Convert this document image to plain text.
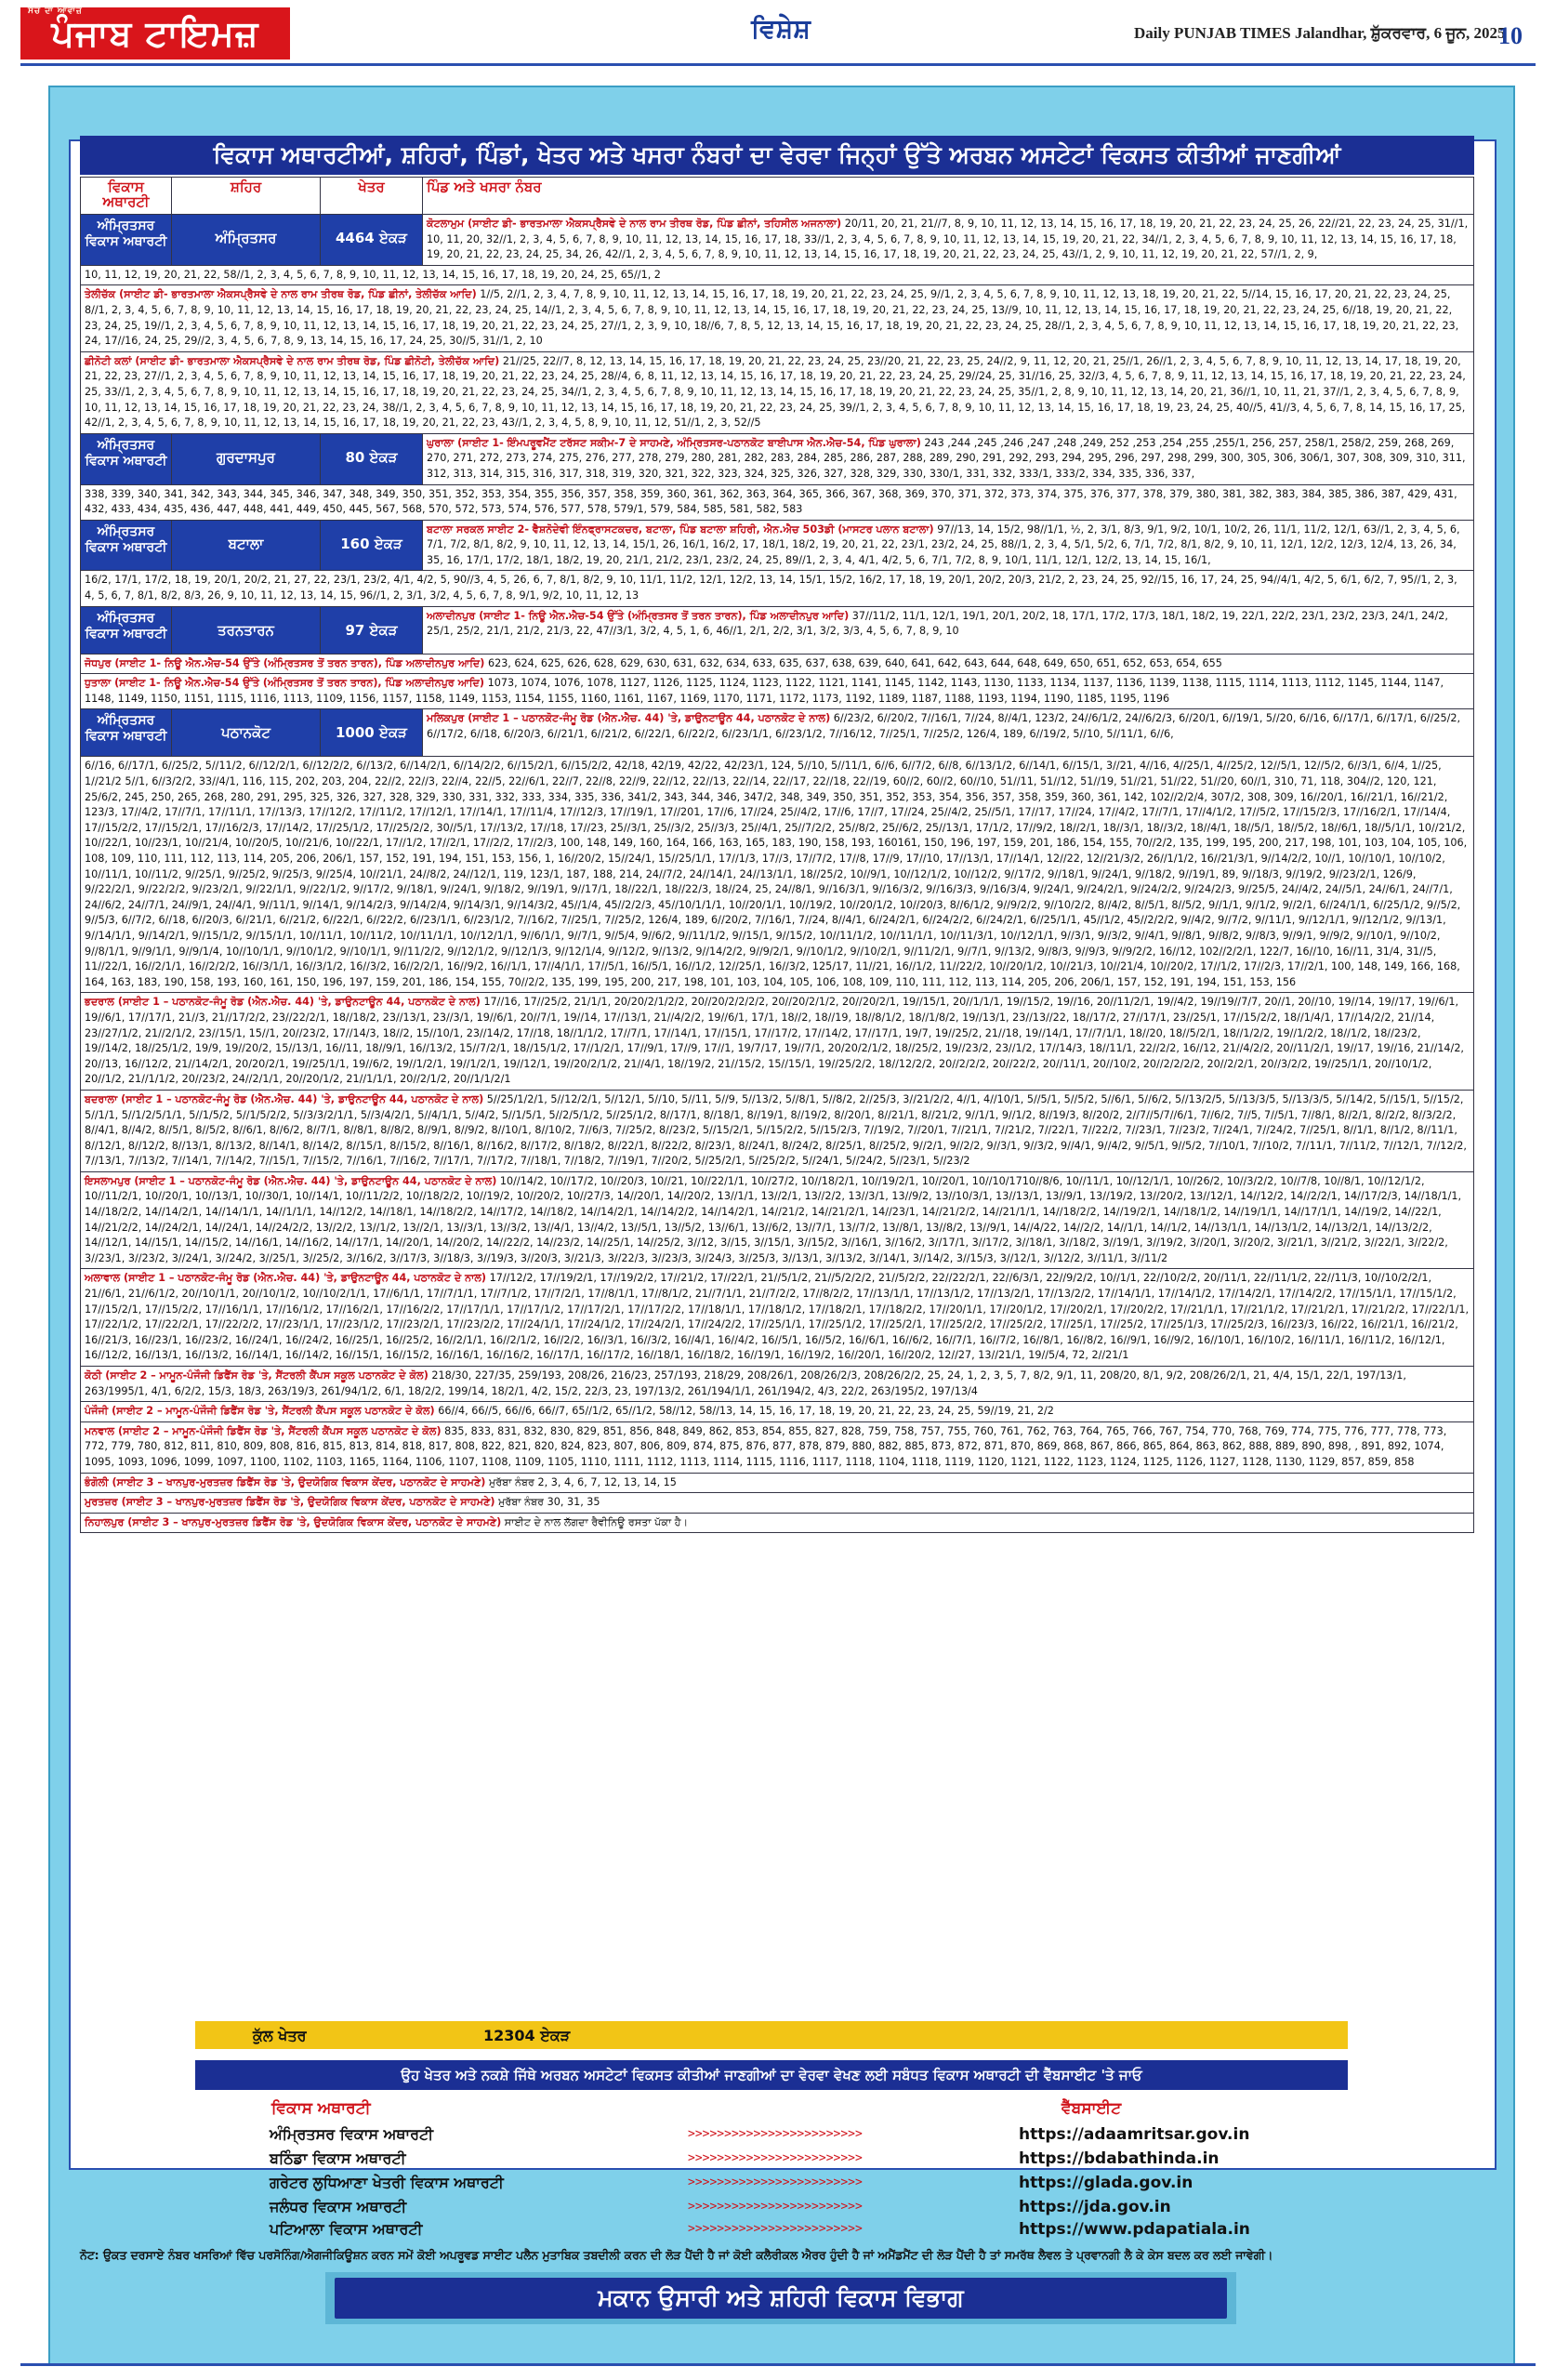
ਸੱਚ ਦਾ ਆਵਾਜ਼
ਪੰਜਾਬ ਟਾਇਮਜ਼	ਵਿਸ਼ੇਸ਼	Daily PUNJAB TIMES Jalandhar, ਸ਼ੁੱਕਰਵਾਰ, 6 ਜੂਨ, 2025
10
ਵਿਕਾਸ ਅਥਾਰਟੀਆਂ, ਸ਼ਹਿਰਾਂ, ਪਿੰਡਾਂ, ਖੇਤਰ ਅਤੇ ਖਸਰਾ ਨੰਬਰਾਂ ਦਾ ਵੇਰਵਾ ਜਿਨ੍ਹਾਂ ਉੱਤੇ ਅਰਬਨ ਅਸਟੇਟਾਂ ਵਿਕਸਤ ਕੀਤੀਆਂ ਜਾਣਗੀਆਂ
ਵਿਕਾਸ ਅਥਾਰਟੀ	ਸ਼ਹਿਰ	ਖੇਤਰ	ਪਿੰਡ ਅਤੇ ਖਸਰਾ ਨੰਬਰ
ਅੰਮ੍ਰਿਤਸਰ ਵਿਕਾਸ ਅਥਾਰਟੀ	ਅੰਮ੍ਰਿਤਸਰ	4464 ਏਕੜ	ਕੋਟਲਾਮੁਮ (ਸਾਈਟ ਡੀ- ਭਾਰਤਮਾਲਾ ਐਕਸਪ੍ਰੈਸਵੇ ਦੇ ਨਾਲ ਰਾਮ ਤੀਰਥ ਰੋਡ, ਪਿੰਡ ਛੀਨਾਂ, ਤਹਿਸੀਲ ਅਜਨਾਲਾ) 20/11, 20, 21, 21//7, 8, 9, 10, 11, 12, 13, 14, 15, 16, 17, 18, 19, 20, 21, 22, 23, 24, 25, 26, 22//21, 22, 23, 24, 25, 31//1, 10, 11, 20, 32//1, 2, 3, 4, 5, 6, 7, 8, 9, 10, 11, 12, 13, 14, 15, 16, 17, 18, 33//1, 2, 3, 4, 5, 6, 7, 8, 9, 10, 11, 12, 13, 14, 15, 19, 20, 21, 22, 34//1, 2, 3, 4, 5, 6, 7, 8, 9, 10, 11, 12, 13, 14, 15, 16, 17, 18, 19, 20, 21, 22, 23, 24, 25, 34, 26, 42//1, 2, 3, 4, 5, 6, 7, 8, 9, 10, 11, 12, 13, 14, 15, 16, 17, 18, 19, 20, 21, 22, 23, 24, 25, 43//1, 2, 9, 10, 11, 12, 19, 20, 21, 22, 57//1, 2, 9,
10, 11, 12, 19, 20, 21, 22, 58//1, 2, 3, 4, 5, 6, 7, 8, 9, 10, 11, 12, 13, 14, 15, 16, 17, 18, 19, 20, 24, 25, 65//1, 2			
ਤੇਲੀਚੱਕ (ਸਾਈਟ ਡੀ- ਭਾਰਤਮਾਲਾ ਐਕਸਪ੍ਰੈਸਵੇ ਦੇ ਨਾਲ ਰਾਮ ਤੀਰਥ ਰੋਡ, ਪਿੰਡ ਛੀਨਾਂ, ਤੇਲੀਚੱਕ ਆਦਿ) 1//5, 2//1, 2, 3, 4, 7, 8, 9, 10, 11, 12, 13, 14, 15, 16, 17, 18, 19, 20, 21, 22, 23, 24, 25, 9//1, 2, 3, 4, 5, 6, 7, 8, 9, 10, 11, 12, 13, 18, 19, 20, 21, 22, 5//14, 15, 16, 17, 20, 21, 22, 23, 24, 25, 8//1, 2, 3, 4, 5, 6, 7, 8, 9, 10, 11, 12, 13, 14, 15, 16, 17, 18, 19, 20, 21, 22, 23, 24, 25, 14//1, 2, 3, 4, 5, 6, 7, 8, 9, 10, 11, 12, 13, 14, 15, 16, 17, 18, 19, 20, 21, 22, 23, 24, 25, 13//9, 10, 11, 12, 13, 14, 15, 16, 17, 18, 19, 20, 21, 22, 23, 24, 25, 6//18, 19, 20, 21, 22, 23, 24, 25, 19//1, 2, 3, 4, 5, 6, 7, 8, 9, 10, 11, 12, 13, 14, 15, 16, 17, 18, 19, 20, 21, 22, 23, 24, 25, 27//1, 2, 3, 9, 10, 18//6, 7, 8, 5, 12, 13, 14, 15, 16, 17, 18, 19, 20, 21, 22, 23, 24, 25, 28//1, 2, 3, 4, 5, 6, 7, 8, 9, 10, 11, 12, 13, 14, 15, 16, 17, 18, 19, 20, 21, 22, 23, 24, 17//16, 24, 25, 29//2, 3, 4, 5, 6, 7, 8, 9, 13, 14, 15, 16, 17, 24, 25, 30//5, 31//1, 2, 10			
ਛੀਨੋਟੀ ਕਲਾਂ (ਸਾਈਟ ਡੀ- ਭਾਰਤਮਾਲਾ ਐਕਸਪ੍ਰੈਸਵੇ ਦੇ ਨਾਲ ਰਾਮ ਤੀਰਥ ਰੋਡ, ਪਿੰਡ ਛੀਨੋਟੀ, ਤੇਲੀਚੱਕ ਆਦਿ) 21//25, 22//7, 8, 12, 13, 14, 15, 16, 17, 18, 19, 20, 21, 22, 23, 24, 25, 23//20, 21, 22, 23, 25, 24//2, 9, 11, 12, 20, 21, 25//1, 26//1, 2, 3, 4, 5, 6, 7, 8, 9, 10, 11, 12, 13, 14, 17, 18, 19, 20, 21, 22, 23, 27//1, 2, 3, 4, 5, 6, 7, 8, 9, 10, 11, 12, 13, 14, 15, 16, 17, 18, 19, 20, 21, 22, 23, 24, 25, 28//4, 6, 8, 11, 12, 13, 14, 15, 16, 17, 18, 19, 20, 21, 22, 23, 24, 25, 29//24, 25, 31//16, 25, 32//3, 4, 5, 6, 7, 8, 9, 11, 12, 13, 14, 15, 16, 17, 18, 19, 20, 21, 22, 23, 24, 25, 33//1, 2, 3, 4, 5, 6, 7, 8, 9, 10, 11, 12, 13, 14, 15, 16, 17, 18, 19, 20, 21, 22, 23, 24, 25, 34//1, 2, 3, 4, 5, 6, 7, 8, 9, 10, 11, 12, 13, 14, 15, 16, 17, 18, 19, 20, 21, 22, 23, 24, 25, 35//1, 2, 8, 9, 10, 11, 12, 13, 14, 20, 21, 36//1, 10, 11, 21, 37//1, 2, 3, 4, 5, 6, 7, 8, 9, 10, 11, 12, 13, 14, 15, 16, 17, 18, 19, 20, 21, 22, 23, 24, 38//1, 2, 3, 4, 5, 6, 7, 8, 9, 10, 11, 12, 13, 14, 15, 16, 17, 18, 19, 20, 21, 22, 23, 24, 25, 39//1, 2, 3, 4, 5, 6, 7, 8, 9, 10, 11, 12, 13, 14, 15, 16, 17, 18, 19, 23, 24, 25, 40//5, 41//3, 4, 5, 6, 7, 8, 14, 15, 16, 17, 25, 42//1, 2, 3, 4, 5, 6, 7, 8, 9, 10, 11, 12, 13, 14, 15, 16, 17, 18, 19, 20, 21, 22, 23, 43//1, 2, 3, 4, 5, 8, 9, 10, 11, 12, 51//1, 2, 3, 52//5			
ਅੰਮ੍ਰਿਤਸਰ ਵਿਕਾਸ ਅਥਾਰਟੀ	ਗੁਰਦਾਸਪੁਰ	80 ਏਕੜ	ਘੁਰਾਲਾ (ਸਾਈਟ 1- ਇੰਮਪਰੂਵਮੈਂਟ ਟਰੱਸਟ ਸਕੀਮ-7 ਦੇ ਸਾਹਮਣੇ, ਅੰਮ੍ਰਿਤਸਰ-ਪਠਾਨਕੋਟ ਬਾਈਪਾਸ ਐਨ.ਐਚ-54, ਪਿੰਡ ਘੁਰਾਲਾ) 243 ,244 ,245 ,246 ,247 ,248 ,249, 252 ,253 ,254 ,255 ,255/1, 256, 257, 258/1, 258/2, 259, 268, 269, 270, 271, 272, 273, 274, 275, 276, 277, 278, 279, 280, 281, 282, 283, 284, 285, 286, 287, 288, 289, 290, 291, 292, 293, 294, 295, 296, 297, 298, 299, 300, 305, 306, 306/1, 307, 308, 309, 310, 311, 312, 313, 314, 315, 316, 317, 318, 319, 320, 321, 322, 323, 324, 325, 326, 327, 328, 329, 330, 330/1, 331, 332, 333/1, 333/2, 334, 335, 336, 337,
338, 339, 340, 341, 342, 343, 344, 345, 346, 347, 348, 349, 350, 351, 352, 353, 354, 355, 356, 357, 358, 359, 360, 361, 362, 363, 364, 365, 366, 367, 368, 369, 370, 371, 372, 373, 374, 375, 376, 377, 378, 379, 380, 381, 382, 383, 384, 385, 386, 387, 429, 431, 432, 433, 434, 435, 436, 447, 448, 441, 449, 450, 445, 567, 568, 570, 572, 573, 574, 576, 577, 578, 579/1, 579, 584, 585, 581, 582, 583			
ਅੰਮ੍ਰਿਤਸਰ ਵਿਕਾਸ ਅਥਾਰਟੀ	ਬਟਾਲਾ	160 ਏਕੜ	ਬਟਾਲਾ ਸਰਕਲ ਸਾਈਟ 2- ਵੈਸ਼ਨੋਦੇਵੀ ਇੰਨਫ੍ਰਾਸਟਕਚਰ, ਬਟਾਲਾ, ਪਿੰਡ ਬਟਾਲਾ ਸ਼ਹਿਰੀ, ਐਨ.ਐਚ 503ਡੀ (ਮਾਸਟਰ ਪਲਾਨ ਬਟਾਲਾ) 97//13, 14, 15/2, 98//1/1, ½, 2, 3/1, 8/3, 9/1, 9/2, 10/1, 10/2, 26, 11/1, 11/2, 12/1, 63//1, 2, 3, 4, 5, 6, 7/1, 7/2, 8/1, 8/2, 9, 10, 11, 12, 13, 14, 15/1, 26, 16/1, 16/2, 17, 18/1, 18/2, 19, 20, 21, 22, 23/1, 23/2, 24, 25, 88//1, 2, 3, 4, 5/1, 5/2, 6, 7/1, 7/2, 8/1, 8/2, 9, 10, 11, 12/1, 12/2, 12/3, 12/4, 13, 26, 34, 35, 16, 17/1, 17/2, 18/1, 18/2, 19, 20, 21/1, 21/2, 23/1, 23/2, 24, 25, 89//1, 2, 3, 4, 4/1, 4/2, 5, 6, 7/1, 7/2, 8, 9, 10/1, 11/1, 12/1, 12/2, 13, 14, 15, 16/1,
16/2, 17/1, 17/2, 18, 19, 20/1, 20/2, 21, 27, 22, 23/1, 23/2, 4/1, 4/2, 5, 90//3, 4, 5, 26, 6, 7, 8/1, 8/2, 9, 10, 11/1, 11/2, 12/1, 12/2, 13, 14, 15/1, 15/2, 16/2, 17, 18, 19, 20/1, 20/2, 20/3, 21/2, 2, 23, 24, 25, 92//15, 16, 17, 24, 25, 94//4/1, 4/2, 5, 6/1, 6/2, 7, 95//1, 2, 3, 4, 5, 6, 7, 8/1, 8/2, 8/3, 26, 9, 10, 11, 12, 13, 14, 15, 96//1, 2, 3/1, 3/2, 4, 5, 6, 7, 8, 9/1, 9/2, 10, 11, 12, 13			
ਅੰਮ੍ਰਿਤਸਰ ਵਿਕਾਸ ਅਥਾਰਟੀ	ਤਰਨਤਾਰਨ	97 ਏਕੜ	ਅਲਾਦੀਨਪੁਰ (ਸਾਈਟ 1- ਨਿਊ ਐਨ.ਐਚ-54 ਉੱਤੇ (ਅੰਮ੍ਰਿਤਸਰ ਤੋਂ ਤਰਨ ਤਾਰਨ), ਪਿੰਡ ਅਲਾਦੀਨਪੁਰ ਆਦਿ) 37//11/2, 11/1, 12/1, 19/1, 20/1, 20/2, 18, 17/1, 17/2, 17/3, 18/1, 18/2, 19, 22/1, 22/2, 23/1, 23/2, 23/3, 24/1, 24/2, 25/1, 25/2, 21/1, 21/2, 21/3, 22, 47//3/1, 3/2, 4, 5, 1, 6, 46//1, 2/1, 2/2, 3/1, 3/2, 3/3, 4, 5, 6, 7, 8, 9, 10
ਜੋਧਪੁਰ (ਸਾਈਟ 1- ਨਿਊ ਐਨ.ਐਚ-54 ਉੱਤੇ (ਅੰਮ੍ਰਿਤਸਰ ਤੋਂ ਤਰਨ ਤਾਰਨ), ਪਿੰਡ ਅਲਾਦੀਨਪੁਰ ਆਦਿ) 623, 624, 625, 626, 628, 629, 630, 631, 632, 634, 633, 635, 637, 638, 639, 640, 641, 642, 643, 644, 648, 649, 650, 651, 652, 653, 654, 655			
ਧੁਤਾਲਾ (ਸਾਈਟ 1- ਨਿਊ ਐਨ.ਐਚ-54 ਉੱਤੇ (ਅੰਮ੍ਰਿਤਸਰ ਤੋਂ ਤਰਨ ਤਾਰਨ), ਪਿੰਡ ਅਲਾਦੀਨਪੁਰ ਆਦਿ) 1073, 1074, 1076, 1078, 1127, 1126, 1125, 1124, 1123, 1122, 1121, 1141, 1145, 1142, 1143, 1130, 1133, 1134, 1137, 1136, 1139, 1138, 1115, 1114, 1113, 1112, 1145, 1144, 1147, 1148, 1149, 1150, 1151, 1115, 1116, 1113, 1109, 1156, 1157, 1158, 1149, 1153, 1154, 1155, 1160, 1161, 1167, 1169, 1170, 1171, 1172, 1173, 1192, 1189, 1187, 1188, 1193, 1194, 1190, 1185, 1195, 1196			
ਅੰਮ੍ਰਿਤਸਰ ਵਿਕਾਸ ਅਥਾਰਟੀ	ਪਠਾਨਕੋਟ	1000 ਏਕੜ	ਮਲਿਕਪੁਰ (ਸਾਈਟ 1 – ਪਠਾਨਕੋਟ-ਜੰਮੂ ਰੋਡ (ਐਨ.ਐਚ. 44) 'ਤੇ, ਡਾਉਨਟਾਊਨ 44, ਪਠਾਨਕੋਟ ਦੇ ਨਾਲ) 6//23/2, 6//20/2, 7//16/1, 7//24, 8//4/1, 123/2, 24//6/1/2, 24//6/2/3, 6//20/1, 6//19/1, 5//20, 6//16, 6//17/1, 6//17/1, 6//25/2, 6//17/2, 6//18, 6//20/3, 6//21/1, 6//21/2, 6//22/1, 6//22/2, 6//23/1/1, 6//23/1/2, 7//16/12, 7//25/1, 7//25/2, 126/4, 189, 6//19/2, 5//10, 5//11/1, 6//6,
6//16, 6//17/1, 6//25/2, 5//11/2, 6//12/2/1, 6//12/2/2, 6//13/2, 6//14/2/1, 6//14/2/2, 6//15/2/1, 6//15/2/2, 42/18, 42/19, 42/22, 42/23/1, 124, 5//10, 5//11/1, 6//6, 6//7/2, 6//8, 6//13/1/2, 6//14/1, 6//15/1, 3//21, 4//16, 4//25/1, 4//25/2, 12//5/1, 12//5/2, 6//3/1, 6//4, 1//25, 1//21/2 5//1, 6//3/2/2, 33//4/1, 116, 115, 202, 203, 204, 22//2, 22//3, 22//4, 22//5, 22//6/1, 22//7, 22//8, 22//9, 22//12, 22//13, 22//14, 22//17, 22//18, 22//19, 60//2, 60//2, 60//10, 51//11, 51//12, 51//19, 51//21, 51//22, 51//20, 60//1, 310, 71, 118, 304//2, 120, 121, 25/6/2, 245, 250, 265, 268, 280, 291, 295, 325, 326, 327, 328, 329, 330, 331, 332, 333, 334, 335, 336, 341/2, 343, 344, 346, 347/2, 348, 349, 350, 351, 352, 353, 354, 356, 357, 358, 359, 360, 361, 142, 102//2/2/4, 307/2, 308, 309, 16//20/1, 16//21/1, 16//21/2, 123/3, 17//4/2, 17//7/1, 17//11/1, 17//13/3, 17//12/2, 17//11/2, 17//12/1, 17//14/1, 17//11/4, 17//12/3, 17//19/1, 17//201, 17//6, 17//24, 25//4/2, 17//6, 17//7, 17//24, 25//4/2, 25//5/1, 17//17, 17//24, 17//4/2, 17//7/1, 17//4/1/2, 17//5/2, 17//15/2/3, 17//16/2/1, 17//14/4, 17//15/2/2, 17//15/2/1, 17//16/2/3, 17//14/2, 17//25/1/2, 17//25/2/2, 30//5/1, 17//13/2, 17//18, 17//23, 25//3/1, 25//3/2, 25//3/3, 25//4/1, 25//7/2/2, 25//8/2, 25//6/2, 25//13/1, 17/1/2, 17//9/2, 18//2/1, 18//3/1, 18//3/2, 18//4/1, 18//5/1, 18//5/2, 18//6/1, 18//5/1/1, 10//21/2, 10//22/1, 10//23/1, 10//21/4, 10//20/5, 10//21/6, 10//22/1, 17//1/2, 17//2/1, 17//2/2, 17//2/3, 100, 148, 149, 160, 164, 166, 163, 165, 183, 190, 158, 193, 160161, 150, 196, 197, 159, 201, 186, 154, 155, 70//2/2, 135, 199, 195, 200, 217, 198, 101, 103, 104, 105, 106, 108, 109, 110, 111, 112, 113, 114, 205, 206, 206/1, 157, 152, 191, 194, 151, 153, 156, 1, 16//20/2, 15//24/1, 15//25/1/1, 17//1/3, 17//3, 17//7/2, 17//8, 17//9, 17//10, 17//13/1, 17//14/1, 12//22, 12//21/3/2, 26//1/1/2, 16//21/3/1, 9//14/2/2, 10//1, 10//10/1, 10//10/2, 10//11/1, 10//11/2, 9//25/1, 9//25/2, 9//25/3, 9//25/4, 10//21/1, 24//8/2, 24//12/1, 119, 123/1, 187, 188, 214, 24//7/2, 24//14/1, 24//13/1/1, 18//25/2, 10//9/1, 10//12/1/2, 10//12/2, 9//17/2, 9//18/1, 9//24/1, 9//18/2, 9//19/1, 89, 9//18/3, 9//19/2, 9//23/2/1, 126/9, 9//22/2/1, 9//22/2/2, 9//23/2/1, 9//22/1/1, 9//22/1/2, 9//17/2, 9//18/1, 9//24/1, 9//18/2, 9//19/1, 9//17/1, 18//22/1, 18//22/3, 18//24, 25, 24//8/1, 9//16/3/1, 9//16/3/2, 9//16/3/3, 9//16/3/4, 9//24/1, 9//24/2/1, 9//24/2/2, 9//24/2/3, 9//25/5, 24//4/2, 24//5/1, 24//6/1, 24//7/1, 24//6/2, 24//7/1, 24//9/1, 24//4/1, 9//11/1, 9//14/1, 9//14/2/3, 9//14/2/4, 9//14/3/1, 9//14/3/2, 45//1/4, 45//2/2/3, 45//10/1/1/1, 10//20/1/1, 10//19/2, 10//20/1/2, 10//20/3, 8//6/1/2, 9//9/2/2, 9//10/2/2, 8//4/2, 8//5/1, 8//5/2, 9//1/1, 9//1/2, 9//2/1, 6//24/1/1, 6//25/1/2, 9//5/2, 9//5/3, 6//7/2, 6//18, 6//20/3, 6//21/1, 6//21/2, 6//22/1, 6//22/2, 6//23/1/1, 6//23/1/2, 7//16/2, 7//25/1, 7//25/2, 126/4, 189, 6//20/2, 7//16/1, 7//24, 8//4/1, 6//24/2/1, 6//24/2/2, 6//24/2/1, 6//25/1/1, 45//1/2, 45//2/2/2, 9//4/2, 9//7/2, 9//11/1, 9//12/1/1, 9//12/1/2, 9//13/1, 9//14/1/1, 9//14/2/1, 9//15/1/2, 9//15/1/1, 10//11/1, 10//11/2, 10//11/1/1, 10//12/1/1, 9//6/1/1, 9//7/1, 9//5/4, 9//6/2, 9//11/1/2, 9//15/1, 9//15/2, 10//11/1/2, 10//11/1/1, 10//11/3/1, 10//12/1/1, 9//3/1, 9//3/2, 9//4/1, 9//8/1, 9//8/2, 9//8/3, 9//9/1, 9//9/2, 9//10/1, 9//10/2, 9//8/1/1, 9//9/1/1, 9//9/1/4, 10//10/1/1, 9//10/1/2, 9//10/1/1, 9//11/2/2, 9//12/1/2, 9//12/1/3, 9//12/1/4, 9//12/2, 9//13/2, 9//14/2/2, 9//9/2/1, 9//10/1/2, 9//10/2/1, 9//11/2/1, 9//7/1, 9//13/2, 9//8/3, 9//9/3, 9//9/2/2, 16//12, 102//2/2/1, 122/7, 16//10, 16//11, 31/4, 31//5, 11//22/1, 16//2/1/1, 16//2/2/2, 16//3/1/1, 16//3/1/2, 16//3/2, 16//2/2/1, 16//9/2, 16//1/1, 17//4/1/1, 17//5/1, 16//5/1, 16//1/2, 12//25/1, 16//3/2, 125/17, 11//21, 16//1/2, 11//22/2, 10//20/1/2, 10//21/3, 10//21/4, 10//20/2, 17//1/2, 17//2/3, 17//2/1, 100, 148, 149, 166, 168, 164, 163, 183, 190, 158, 193, 160, 161, 150, 196, 197, 159, 201, 186, 154, 155, 70//2/2, 135, 199, 195, 200, 217, 198, 101, 103, 104, 105, 106, 108, 109, 110, 111, 112, 113, 114, 205, 206, 206/1, 157, 152, 191, 194, 151, 153, 156			
ਭਦਰਾਲ (ਸਾਈਟ 1 – ਪਠਾਨਕੋਟ-ਜੰਮੂ ਰੋਡ (ਐਨ.ਐਚ. 44) 'ਤੇ, ਡਾਉਨਟਾਊਨ 44, ਪਠਾਨਕੋਟ ਦੇ ਨਾਲ) 17//16, 17//25/2, 21/1/1, 20/20/2/1/2/2, 20//20/2/2/2/2, 20//20/2/1/2, 20//20/2/1, 19//15/1, 20//1/1/1, 19//15/2, 19//16, 20//11/2/1, 19//4/2, 19//19//7/7, 20//1, 20//10, 19//14, 19//17, 19//6/1, 19//6/1, 17//17/1, 21//3, 21//17/2/2, 23//22/2/1, 18//18/2, 23//13/1, 23//3/1, 19//6/1, 20//7/1, 19//14, 17//13/1, 21//4/2/2, 19//6/1, 17/1, 18//2, 18//19, 18//8/1/2, 18//1/8/2, 19//13/1, 23//13//22, 18//17/2, 27//17/1, 23//25/1, 17//15/2/2, 18//1/4/1, 17//14/2/2, 21//14, 23//27/1/2, 21//2/1/2, 23//15/1, 15//1, 20//23/2, 17//14/3, 18//2, 15//10/1, 23//14/2, 17//18, 18//1/1/2, 17//7/1, 17//14/1, 17//15/1, 17//17/2, 17//14/2, 17//17/1, 19/7, 19//25/2, 21//18, 19//14/1, 17//7/1/1, 18//20, 18//5/2/1, 18//1/2/2, 19//1/2/2, 18//1/2, 18//23/2, 19//14/2, 18//25/1/2, 19/9, 19//20/2, 15//13/1, 16//11, 18//9/1, 16//13/2, 15//7/2/1, 18//15/1/2, 17//1/2/1, 17//9/1, 17//9, 17//1, 19/7/17, 19//7/1, 20/20/2/1/2, 18//25/2, 19//23/2, 23//1/2, 17//14/3, 18//11/1, 22//2/2, 16//12, 21//4/2/2, 20//11/2/1, 19//17, 19//16, 21//14/2, 20//13, 16//12/2, 21//14/2/1, 20/20/2/1, 19//25/1/1, 19//6/2, 19//1/2/1, 19//1/2/1, 19//12/1, 19//20/2/1/2, 21//4/1, 18//19/2, 21//15/2, 15//15/1, 19//25/2/2, 18//12/2/2, 20//2/2/2, 20//22/2, 20//11/1, 20//10/2, 20//2/2/2/2, 20//2/2/1, 20//3/2/2, 19//25/1/1, 20//10/1/2, 20//1/2, 21//1/1/2, 20//23/2, 24//2/1/1, 20//20/1/2, 21//1/1/1, 20//2/1/2, 20//1/1/2/1			
ਬਦਰਾਲਾ (ਸਾਈਟ 1 – ਪਠਾਨਕੋਟ-ਜੰਮੂ ਰੋਡ (ਐਨ.ਐਚ. 44) 'ਤੇ, ਡਾਉਨਟਾਊਨ 44, ਪਠਾਨਕੋਟ ਦੇ ਨਾਲ) 5//25/1/2/1, 5//12/2/1, 5//12/1, 5//10, 5//11, 5//9, 5//13/2, 5//8/1, 5//8/2, 2//25/3, 3//21/2/2, 4//1, 4//10/1, 5//5/1, 5//5/2, 5//6/1, 5//6/2, 5//13/2/5, 5//13/3/5, 5//13/3/5, 5//14/2, 5//15/1, 5//15/2, 5//1/1, 5//1/2/5/1/1, 5//1/5/2, 5//1/5/2/2, 5//3/3/2/1/1, 5//3/4/2/1, 5//4/1/1, 5//4/2, 5//1/5/1, 5//2/5/1/2, 5//25/1/2, 8//17/1, 8//18/1, 8//19/1, 8//19/2, 8//20/1, 8//21/1, 8//21/2, 9//1/1, 9//1/2, 8//19/3, 8//20/2, 2//7//5/7//6/1, 7//6/2, 7//5, 7//5/1, 7//8/1, 8//2/1, 8//2/2, 8//3/2/2, 8//4/1, 8//4/2, 8//5/1, 8//5/2, 8//6/1, 8//6/2, 8//7/1, 8//8/1, 8//8/2, 8//9/1, 8//9/2, 8//10/1, 8//10/2, 7//6/3, 7//25/2, 8//23/2, 5//15/2/1, 5//15/2/2, 5//15/2/3, 7//19/2, 7//20/1, 7//21/1, 7//21/2, 7//22/1, 7//22/2, 7//23/1, 7//23/2, 7//24/1, 7//24/2, 7//25/1, 8//1/1, 8//1/2, 8//11/1, 8//12/1, 8//12/2, 8//13/1, 8//13/2, 8//14/1, 8//14/2, 8//15/1, 8//15/2, 8//16/1, 8//16/2, 8//17/2, 8//18/2, 8//22/1, 8//22/2, 8//23/1, 8//24/1, 8//24/2, 8//25/1, 8//25/2, 9//2/1, 9//2/2, 9//3/1, 9//3/2, 9//4/1, 9//4/2, 9//5/1, 9//5/2, 7//10/1, 7//10/2, 7//11/1, 7//11/2, 7//12/1, 7//12/2, 7//13/1, 7//13/2, 7//14/1, 7//14/2, 7//15/1, 7//15/2, 7//16/1, 7//16/2, 7//17/1, 7//17/2, 7//18/1, 7//18/2, 7//19/1, 7//20/2, 5//25/2/1, 5//25/2/2, 5//24/1, 5//24/2, 5//23/1, 5//23/2			
ਇਸਲਾਮਪੁਰ (ਸਾਈਟ 1 – ਪਠਾਨਕੋਟ-ਜੰਮੂ ਰੋਡ (ਐਨ.ਐਚ. 44) 'ਤੇ, ਡਾਉਨਟਾਊਨ 44, ਪਠਾਨਕੋਟ ਦੇ ਨਾਲ) 10//14/2, 10//17/2, 10//20/3, 10//21, 10//22/1/1, 10//27/2, 10//18/2/1, 10//19/2/1, 10//20/1, 10//10/1710//8/6, 10//11/1, 10//12/1/1, 10//26/2, 10//3/2/2, 10//7/8, 10//8/1, 10//12/1/2, 10//11/2/1, 10//20/1, 10//13/1, 10//30/1, 10//14/1, 10//11/2/2, 10//18/2/2, 10//19/2, 10//20/2, 10//27/3, 14//20/1, 14//20/2, 13//1/1, 13//2/1, 13//2/2, 13//3/1, 13//9/2, 13//10/3/1, 13//13/1, 13//9/1, 13//19/2, 13//20/2, 13//12/1, 14//12/2, 14//2/2/1, 14//17/2/3, 14//18/1/1, 14//18/2/2, 14//14/2/1, 14//14/1/1, 14//1/1/1, 14//12/2, 14//18/1, 14//18/2/2, 14//17/2, 14//18/2, 14//14/2/1, 14//14/2/2, 14//14/2/1, 14//21/2, 14//21/2/1, 14//23/1, 14//21/2/2, 14//21/1/1, 14//18/2/2, 14//19/2/1, 14//18/1/2, 14//19/1/1, 14//17/1/1, 14//19/2, 14//22/1, 14//21/2/2, 14//24/2/1, 14//24/1, 14//24/2/2, 13//2/2, 13//1/2, 13//2/1, 13//3/1, 13//3/2, 13//4/1, 13//4/2, 13//5/1, 13//5/2, 13//6/1, 13//6/2, 13//7/1, 13//7/2, 13//8/1, 13//8/2, 13//9/1, 14//4/22, 14//2/2, 14//1/1, 14//1/2, 14//13/1/1, 14//13/1/2, 14//13/2/1, 14//13/2/2, 14//12/1, 14//15/1, 14//15/2, 14//16/1, 14//16/2, 14//17/1, 14//20/1, 14//20/2, 14//22/2, 14//23/2, 14//25/1, 14//25/2, 3//12, 3//15, 3//15/1, 3//15/2, 3//16/1, 3//16/2, 3//17/1, 3//17/2, 3//18/1, 3//18/2, 3//19/1, 3//19/2, 3//20/1, 3//20/2, 3//21/1, 3//21/2, 3//22/1, 3//22/2, 3//23/1, 3//23/2, 3//24/1, 3//24/2, 3//25/1, 3//25/2, 3//16/2, 3//17/3, 3//18/3, 3//19/3, 3//20/3, 3//21/3, 3//22/3, 3//23/3, 3//24/3, 3//25/3, 3//13/1, 3//13/2, 3//14/1, 3//14/2, 3//15/3, 3//12/1, 3//12/2, 3//11/1, 3//11/2			
ਅਲਾਵਾਲ (ਸਾਈਟ 1 – ਪਠਾਨਕੋਟ-ਜੰਮੂ ਰੋਡ (ਐਨ.ਐਚ. 44) 'ਤੇ, ਡਾਉਨਟਾਊਨ 44, ਪਠਾਨਕੋਟ ਦੇ ਨਾਲ) 17//12/2, 17//19/2/1, 17//19/2/2, 17//21/2, 17//22/1, 21//5/1/2, 21//5/2/2/2, 21//5/2/2, 22//22/2/1, 22//6/3/1, 22//9/2/2, 10//1/1, 22//10/2/2, 20//11/1, 22//11/1/2, 22//11/3, 10//10/2/2/1, 21//6/1, 21//6/1/2, 20//10/1/1, 20//10/1/2, 10//10/2/1/1, 17//6/1/1, 17//7/1/1, 17//7/1/2, 17//7/2/1, 17//8/1/1, 17//8/1/2, 21//7/1/1, 21//7/2/2, 17//8/2/2, 17//13/1/1, 17//13/1/2, 17//13/2/1, 17//13/2/2, 17//14/1/1, 17//14/1/2, 17//14/2/1, 17//14/2/2, 17//15/1/1, 17//15/1/2, 17//15/2/1, 17//15/2/2, 17//16/1/1, 17//16/1/2, 17//16/2/1, 17//16/2/2, 17//17/1/1, 17//17/1/2, 17//17/2/1, 17//17/2/2, 17//18/1/1, 17//18/1/2, 17//18/2/1, 17//18/2/2, 17//20/1/1, 17//20/1/2, 17//20/2/1, 17//20/2/2, 17//21/1/1, 17//21/1/2, 17//21/2/1, 17//21/2/2, 17//22/1/1, 17//22/1/2, 17//22/2/1, 17//22/2/2, 17//23/1/1, 17//23/1/2, 17//23/2/1, 17//23/2/2, 17//24/1/1, 17//24/1/2, 17//24/2/1, 17//24/2/2, 17//25/1/1, 17//25/1/2, 17//25/2/1, 17//25/2/2, 17//25/2/2, 17//25/1, 17//25/2, 17//25/1/3, 17//25/2/3, 16//23/3, 16//22, 16//21/1, 16//21/2, 16//21/3, 16//23/1, 16//23/2, 16//24/1, 16//24/2, 16//25/1, 16//25/2, 16//2/1/1, 16//2/1/2, 16//2/2, 16//3/1, 16//3/2, 16//4/1, 16//4/2, 16//5/1, 16//5/2, 16//6/1, 16//6/2, 16//7/1, 16//7/2, 16//8/1, 16//8/2, 16//9/1, 16//9/2, 16//10/1, 16//10/2, 16//11/1, 16//11/2, 16//12/1, 16//12/2, 16//13/1, 16//13/2, 16//14/1, 16//14/2, 16//15/1, 16//15/2, 16//16/1, 16//16/2, 16//17/1, 16//17/2, 16//18/1, 16//18/2, 16//19/1, 16//19/2, 16//20/1, 16//20/2, 12//27, 13//21/1, 19//5/4, 72, 2//21/1			
ਕੋਠੀ (ਸਾਈਟ 2 – ਮਾਮੂਨ-ਪੰਜੌਜੀ ਡਿਫੈਂਸ ਰੋਡ 'ਤੇ, ਸੈਂਟਰਲੀ ਕੈਂਪਸ ਸਕੂਲ ਪਠਾਨਕੋਟ ਦੇ ਕੋਲ) 218/30, 227/35, 259/193, 208/26, 216/23, 257/193, 218/29, 208/26/1, 208/26/2/3, 208/26/2/2, 25, 24, 1, 2, 3, 5, 7, 8/2, 9/1, 11, 208/20, 8/1, 9/2, 208/26/2/1, 21, 4/4, 15/1, 22/1, 197/13/1, 263/1995/1, 4/1, 6/2/2, 15/3, 18/3, 263/19/3, 261/94/1/2, 6/1, 18/2/2, 199/14, 18/2/1, 4/2, 15/2, 22/3, 23, 197/13/2, 261/194/1/1, 261/194/2, 4/3, 22/2, 263/195/2, 197/13/4			
ਪੰਜੌਜੀ (ਸਾਈਟ 2 – ਮਾਮੂਨ-ਪੰਜੌਜੀ ਡਿਫੈਂਸ ਰੋਡ 'ਤੇ, ਸੈਂਟਰਲੀ ਕੈਂਪਸ ਸਕੂਲ ਪਠਾਨਕੋਟ ਦੇ ਕੋਲ) 66//4, 66//5, 66//6, 66//7, 65//1/2, 65//1/2, 58//12, 58//13, 14, 15, 16, 17, 18, 19, 20, 21, 22, 23, 24, 25, 59//19, 21, 2/2			
ਮਨਵਾਲ (ਸਾਈਟ 2 – ਮਾਮੂਨ-ਪੰਜੌਜੀ ਡਿਫੈਂਸ ਰੋਡ 'ਤੇ, ਸੈਂਟਰਲੀ ਕੈਂਪਸ ਸਕੂਲ ਪਠਾਨਕੋਟ ਦੇ ਕੋਲ) 835, 833, 831, 832, 830, 829, 851, 856, 848, 849, 862, 853, 854, 855, 827, 828, 759, 758, 757, 755, 760, 761, 762, 763, 764, 765, 766, 767, 754, 770, 768, 769, 774, 775, 776, 777, 778, 773, 772, 779, 780, 812, 811, 810, 809, 808, 816, 815, 813, 814, 818, 817, 808, 822, 821, 820, 824, 823, 807, 806, 809, 874, 875, 876, 877, 878, 879, 880, 882, 885, 873, 872, 871, 870, 869, 868, 867, 866, 865, 864, 863, 862, 888, 889, 890, 898, , 891, 892, 1074, 1095, 1093, 1096, 1099, 1097, 1100, 1102, 1103, 1165, 1164, 1106, 1107, 1108, 1109, 1105, 1110, 1111, 1112, 1113, 1114, 1115, 1116, 1117, 1118, 1104, 1118, 1119, 1120, 1121, 1122, 1123, 1124, 1125, 1126, 1127, 1128, 1130, 1129, 857, 859, 858			
ਭੰਗੋਲੀ (ਸਾਈਟ 3 – ਖਾਨਪੁਰ-ਮੁਰਤਜ਼ਰ ਡਿਫੈਂਸ ਰੋਡ 'ਤੇ, ਉਦਯੋਗਿਕ ਵਿਕਾਸ ਕੇਂਦਰ, ਪਠਾਨਕੋਟ ਦੇ ਸਾਹਮਣੇ) ਮੁਰੱਬਾ ਨੰਬਰ 2, 3, 4, 6, 7, 12, 13, 14, 15			
ਮੁਰਤਜ਼ਰ (ਸਾਈਟ 3 – ਖਾਨਪੁਰ-ਮੁਰਤਜ਼ਰ ਡਿਫੈਂਸ ਰੋਡ 'ਤੇ, ਉਦਯੋਗਿਕ ਵਿਕਾਸ ਕੇਂਦਰ, ਪਠਾਨਕੋਟ ਦੇ ਸਾਹਮਣੇ) ਮੁਰੱਬਾ ਨੰਬਰ 30, 31, 35			
ਨਿਹਾਲਪੁਰ (ਸਾਈਟ 3 – ਖਾਨਪੁਰ-ਮੁਰਤਜ਼ਰ ਡਿਫੈਂਸ ਰੋਡ 'ਤੇ, ਉਦਯੋਗਿਕ ਵਿਕਾਸ ਕੇਂਦਰ, ਪਠਾਨਕੋਟ ਦੇ ਸਾਹਮਣੇ) ਸਾਈਟ ਦੇ ਨਾਲ ਲੱਗਦਾ ਰੈਵੀਨਿਊ ਰਸਤਾ ਪੱਕਾ ਹੈ।			
ਕੁੱਲ ਖੇਤਰ	12304 ਏਕੜ
ਉਹ ਖੇਤਰ ਅਤੇ ਨਕਸ਼ੇ ਜਿੱਥੇ ਅਰਬਨ ਅਸਟੇਟਾਂ ਵਿਕਸਤ ਕੀਤੀਆਂ ਜਾਣਗੀਆਂ ਦਾ ਵੇਰਵਾ ਵੇਖਣ ਲਈ ਸਬੰਧਤ ਵਿਕਾਸ ਅਥਾਰਟੀ ਦੀ ਵੈੱਬਸਾਈਟ 'ਤੇ ਜਾਓ
ਵਿਕਾਸ ਅਥਾਰਟੀ	ਵੈੱਬਸਾਈਟ
ਅੰਮ੍ਰਿਤਸਰ ਵਿਕਾਸ ਅਥਾਰਟੀ	>>>>>>>>>>>>>>>>>>>>>>>>	https://adaamritsar.gov.in
ਬਠਿੰਡਾ ਵਿਕਾਸ ਅਥਾਰਟੀ	>>>>>>>>>>>>>>>>>>>>>>>>	https://bdabathinda.in
ਗਰੇਟਰ ਲੁਧਿਆਣਾ ਖੇਤਰੀ ਵਿਕਾਸ ਅਥਾਰਟੀ	>>>>>>>>>>>>>>>>>>>>>>>>	https://glada.gov.in
ਜਲੰਧਰ ਵਿਕਾਸ ਅਥਾਰਟੀ	>>>>>>>>>>>>>>>>>>>>>>>>	https://jda.gov.in
ਪਟਿਆਲਾ ਵਿਕਾਸ ਅਥਾਰਟੀ	>>>>>>>>>>>>>>>>>>>>>>>>	https://www.pdapatiala.in
ਨੋਟ: ਉਕਤ ਦਰਸਾਏ ਨੰਬਰ ਖਸਰਿਆਂ ਵਿੱਚ ਪਰਸੋਨਿੰਗ/ਐਗਜੀਕਿਊਸ਼ਨ ਕਰਨ ਸਮੇਂ ਕੋਈ ਅਪਰੂਵਡ ਸਾਈਟ ਪਲੈਨ ਮੁਤਾਬਿਕ ਤਬਦੀਲੀ ਕਰਨ ਦੀ ਲੋੜ ਪੈਂਦੀ ਹੈ ਜਾਂ ਕੋਈ ਕਲੈਰੀਕਲ ਐਰਰ ਹੁੰਦੀ ਹੈ ਜਾਂ ਅਮੈਂਡਮੈਂਟ ਦੀ ਲੋੜ ਪੈਂਦੀ ਹੈ ਤਾਂ ਸਮਰੱਥ ਲੈਵਲ ਤੇ ਪ੍ਰਵਾਨਗੀ ਲੈ ਕੇ ਕੇਸ ਬਦਲ ਕਰ ਲਈ ਜਾਵੇਗੀ।
ਮਕਾਨ ਉਸਾਰੀ ਅਤੇ ਸ਼ਹਿਰੀ ਵਿਕਾਸ ਵਿਭਾਗ
